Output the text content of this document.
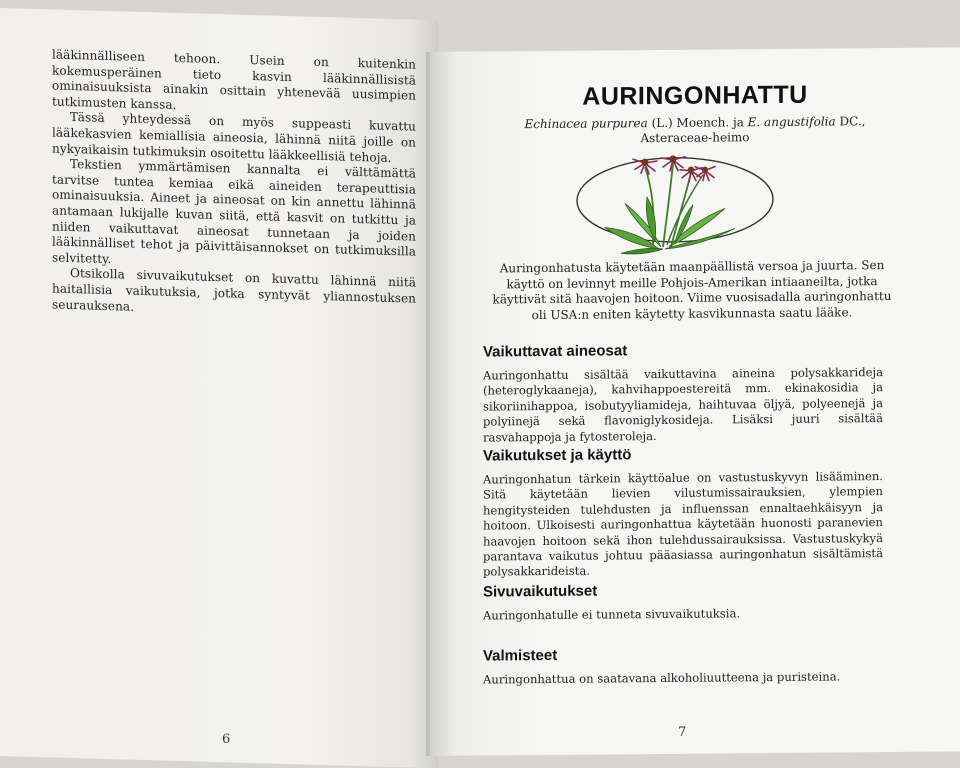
lääkinnälliseen tehoon. Usein on kuitenkin kokemusperäinen tieto kasvin lääkinnällisistä ominaisuuksista ainakin osittain yhtenevää uusimpien tutkimusten kanssa.

Tässä yhteydessä on myös suppeasti kuvattu lääkekasvien kemiallisia aineosia, lähinnä niitä joille on nykyaikaisin tutkimuksin osoitettu lääkkeellisiä tehoja.

Tekstien ymmärtämisen kannalta ei välttämättä tarvitse tuntea kemiaa eikä aineiden terapeuttisia ominaisuuksia. Aineet ja aineosat on kin annettu lähinnä antamaan lukijalle kuvan siitä, että kasvit on tutkittu ja niiden vaikuttavat aineosat tunnetaan ja joiden lääkinnälliset tehot ja päivittäisannokset on tutkimuksilla selvitetty.

Otsikolla sivuvaikutukset on kuvattu lähinnä niitä haitallisia vaikutuksia, jotka syntyvät yliannostuksen seurauksena.

6
AURINGONHATTU
Echinacea purpurea (L.) Moench. ja E. angustifolia DC.,
Asteraceae-heimo
Auringonhatusta käytetään maanpäällistä versoa ja juurta. Sen
käyttö on levinnyt meille Pohjois-Amerikan intiaaneilta, jotka
käyttivät sitä haavojen hoitoon. Viime vuosisadalla auringonhattu
oli USA:n eniten käytetty kasvikunnasta saatu lääke.
Vaikuttavat aineosat

Auringonhattu sisältää vaikuttavina aineina polysakkarideja (heteroglykaaneja), kahvihappoestereitä mm. ekinakosidia ja sikoriinihappoa, isobutyyliamideja, haihtuvaa öljyä, polyeenejä ja polyiinejä sekä flavoniglykosideja. Lisäksi juuri sisältää rasvahappoja ja fytosteroleja.

Vaikutukset ja käyttö

Auringonhatun tärkein käyttöalue on vastustuskyvyn lisääminen. Sitä käytetään lievien vilustumissairauksien, ylempien hengitysteiden tulehdusten ja influenssan ennaltaehkäisyyn ja hoitoon. Ulkoisesti auringonhattua käytetään huonosti paranevien haavojen hoitoon sekä ihon tulehdussairauksissa. Vastustuskykyä parantava vaikutus johtuu pääasiassa auringonhatun sisältämistä polysakkarideista.

Sivuvaikutukset

Auringonhatulle ei tunneta sivuvaikutuksia.

Valmisteet

Auringonhattua on saatavana alkoholiuutteena ja puristeina.

7
